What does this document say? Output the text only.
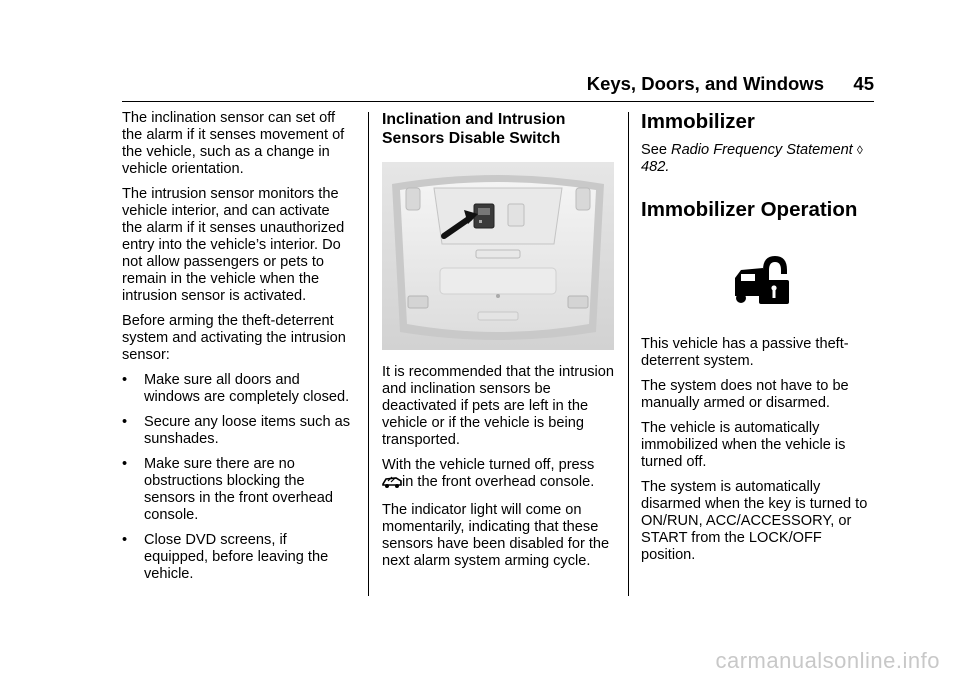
Keys, Doors, and Windows 45

The inclination sensor can set off the alarm if it senses movement of the vehicle, such as a change in vehicle orientation.

The intrusion sensor monitors the vehicle interior, and can activate the alarm if it senses unauthorized entry into the vehicle’s interior. Do not allow passengers or pets to remain in the vehicle when the intrusion sensor is activated.

Before arming the theft-deterrent system and activating the intrusion sensor:

•	Make sure all doors and windows are completely closed.
•	Secure any loose items such as sunshades.
•	Make sure there are no obstructions blocking the sensors in the front overhead console.
•	Close DVD screens, if equipped, before leaving the vehicle.
Inclination and Intrusion Sensors Disable Switch

It is recommended that the intrusion and inclination sensors be deactivated if pets are left in the vehicle or if the vehicle is being transported.

With the vehicle turned off, press in the front overhead console.

The indicator light will come on momentarily, indicating that these sensors have been disabled for the next alarm system arming cycle.

Immobilizer

See Radio Frequency Statement ◊ 482.

Immobilizer Operation

This vehicle has a passive theft-deterrent system.

The system does not have to be manually armed or disarmed.

The vehicle is automatically immobilized when the vehicle is turned off.

The system is automatically disarmed when the key is turned to ON/RUN, ACC/ACCESSORY, or START from the LOCK/OFF position.

carmanualsonline.info
